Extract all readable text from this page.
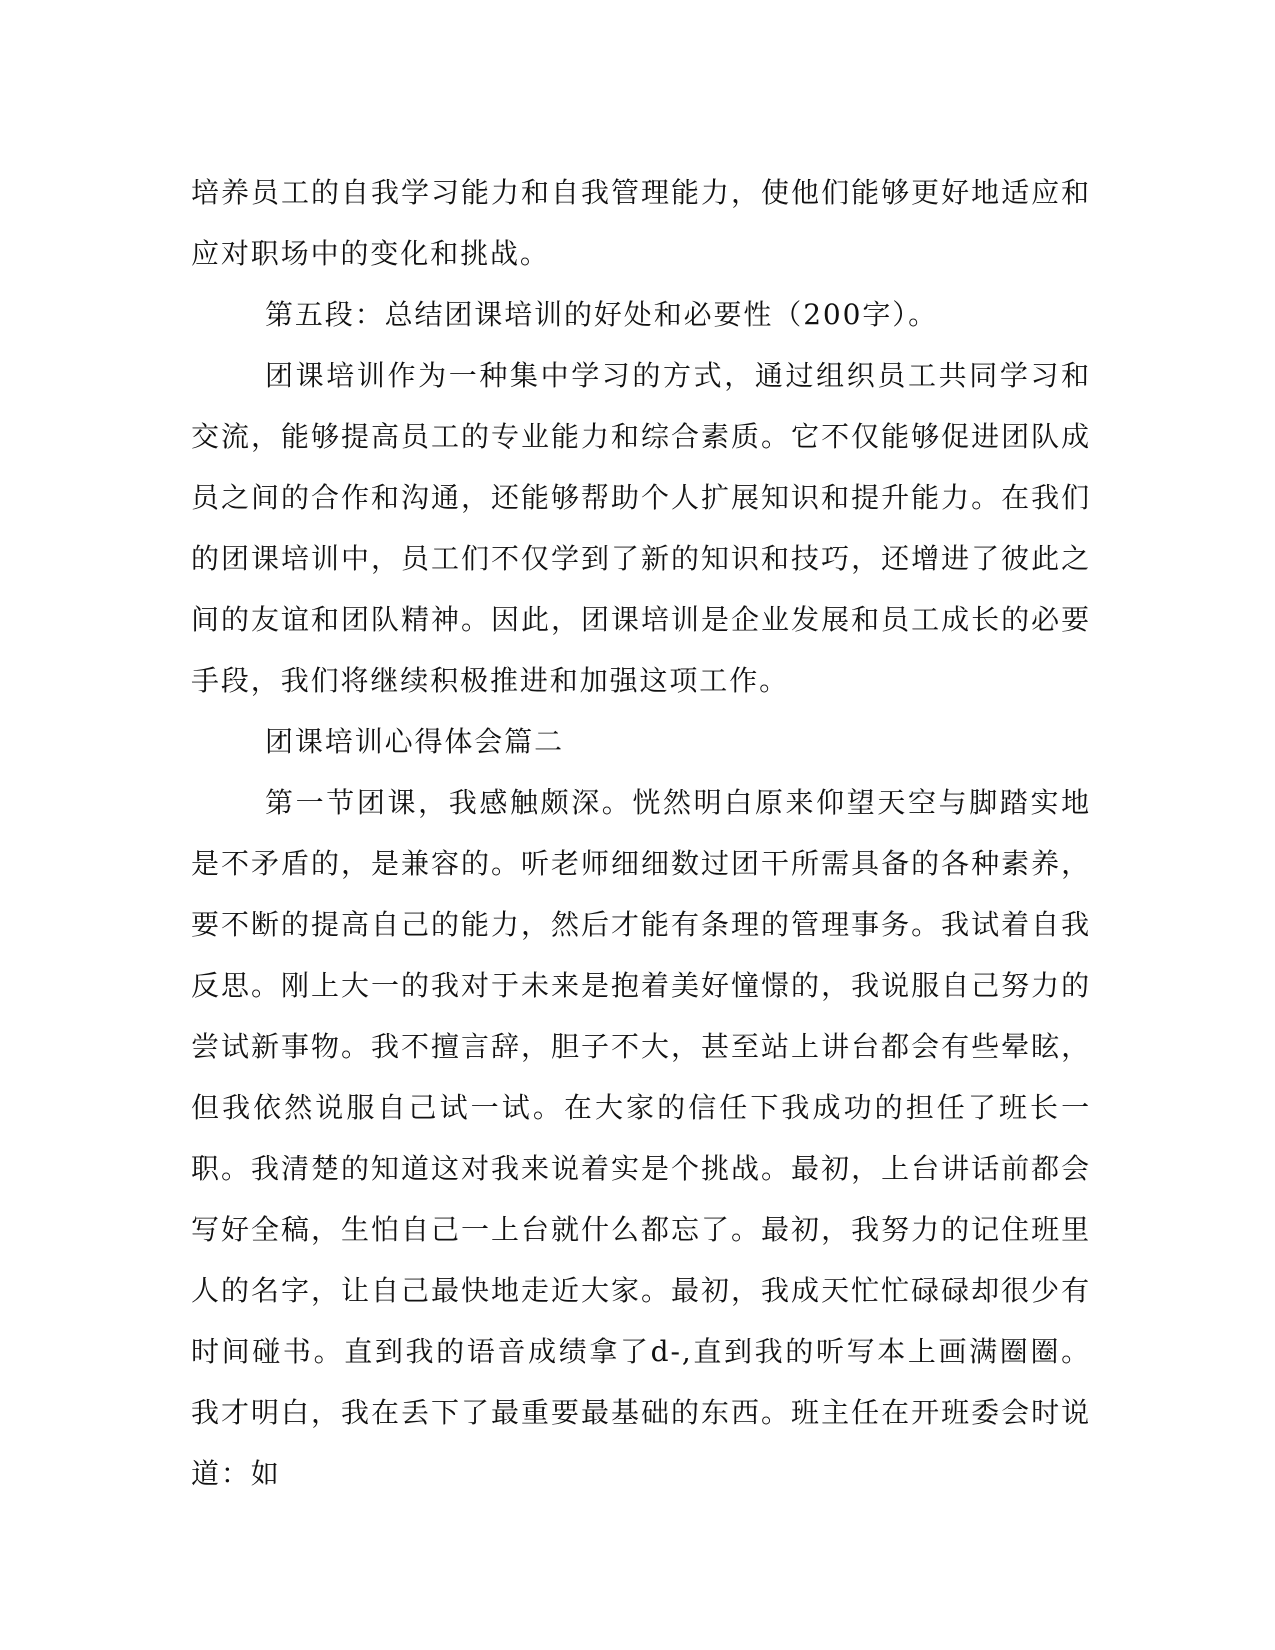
培养员工的自我学习能力和自我管理能力，使他们能够更好地适应和应对职场中的变化和挑战。

第五段：总结团课培训的好处和必要性（200字）。

团课培训作为一种集中学习的方式，通过组织员工共同学习和交流，能够提高员工的专业能力和综合素质。它不仅能够促进团队成员之间的合作和沟通，还能够帮助个人扩展知识和提升能力。在我们的团课培训中，员工们不仅学到了新的知识和技巧，还增进了彼此之间的友谊和团队精神。因此，团课培训是企业发展和员工成长的必要手段，我们将继续积极推进和加强这项工作。

团课培训心得体会篇二

第一节团课，我感触颇深。恍然明白原来仰望天空与脚踏实地是不矛盾的，是兼容的。听老师细细数过团干所需具备的各种素养，要不断的提高自己的能力，然后才能有条理的管理事务。我试着自我反思。刚上大一的我对于未来是抱着美好憧憬的，我说服自己努力的尝试新事物。我不擅言辞，胆子不大，甚至站上讲台都会有些晕眩，但我依然说服自己试一试。在大家的信任下我成功的担任了班长一职。我清楚的知道这对我来说着实是个挑战。最初，上台讲话前都会写好全稿，生怕自己一上台就什么都忘了。最初，我努力的记住班里人的名字，让自己最快地走近大家。最初，我成天忙忙碌碌却很少有时间碰书。直到我的语音成绩拿了d-,直到我的听写本上画满圈圈。我才明白，我在丢下了最重要最基础的东西。班主任在开班委会时说道：如
